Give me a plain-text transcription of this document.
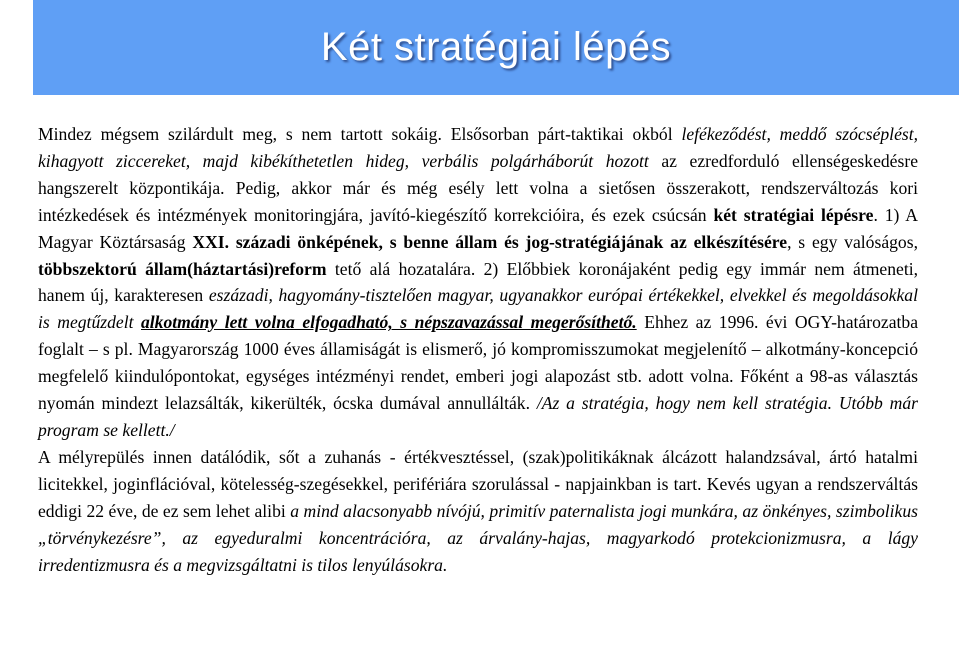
Két stratégiai lépés

Mindez mégsem szilárdult meg, s nem tartott sokáig. Elsősorban párt-taktikai okból lefékeződést, meddő szócséplést, kihagyott ziccereket, majd kibékíthetetlen hideg, verbális polgárháborút hozott az ezredforduló ellenségeskedésre hangszerelt központikája. Pedig, akkor már és még esély lett volna a sietősen összerakott, rendszerváltozás kori intézkedések és intézmények monitoringjára, javító-kiegészítő korrekcióira, és ezek csúcsán két stratégiai lépésre. 1) A Magyar Köztársaság XXI. századi önképének, s benne állam és jog-stratégiájának az elkészítésére, s egy valóságos, többszektorú állam(háztartási)reform tető alá hozatalára. 2) Előbbiek koronájaként pedig egy immár nem átmeneti, hanem új, karakteresen eszázadi, hagyomány-tisztelően magyar, ugyanakkor európai értékekkel, elvekkel és megoldásokkal is megtűzdelt alkotmány lett volna elfogadható, s népszavazással megerősíthető. Ehhez az 1996. évi OGY-határozatba foglalt – s pl. Magyarország 1000 éves államiságát is elismerő, jó kompromisszumokat megjelenítő – alkotmány-koncepció megfelelő kiindulópontokat, egységes intézményi rendet, emberi jogi alapozást stb. adott volna. Főként a 98-as választás nyomán mindezt lelazsálták, kikerülték, ócska dumával annullálták. /Az a stratégia, hogy nem kell stratégia. Utóbb már program se kellett./

A mélyrepülés innen datálódik, sőt a zuhanás - értékvesztéssel, (szak)politikáknak álcázott halandzsával, ártó hatalmi licitekkel, joginflációval, kötelesség-szegésekkel, perifériára szorulással - napjainkban is tart. Kevés ugyan a rendszerváltás eddigi 22 éve, de ez sem lehet alibi a mind alacsonyabb nívójú, primitív paternalista jogi munkára, az önkényes, szimbolikus „törvénykezésre”, az egyeduralmi koncentrációra, az árvalány-hajas, magyarkodó protekcionizmusra, a lágy irredentizmusra és a megvizsgáltatni is tilos lenyúlásokra.
